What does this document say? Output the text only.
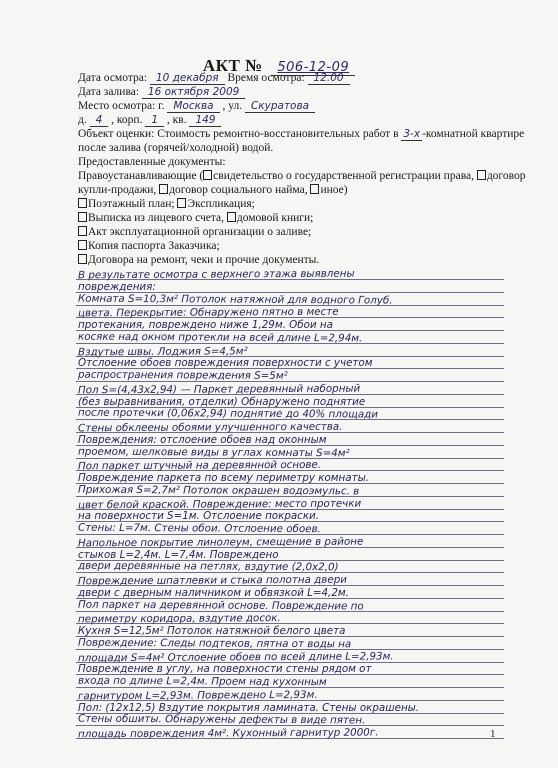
АКТ № 506-12-09
Дата осмотра: 10 декабря Время осмотра: 12.00
Дата залива: 16 октября 2009
Место осмотра: г. Москва , ул. Скуратова
д. 4 , корп. 1 , кв. 149
Объект оценки: Стоимость ремонтно-восстановительных работ в 3-х -комнатной квартире
после залива (горячей/холодной) водой.
Предоставленные документы:
Правоустанавливающие ( свидетельство о государственной регистрации права, договор
купли-продажи, договор социального найма, иное)
Поэтажный план; Экспликация;
Выписка из лицевого счета, домовой книги;
Акт эксплуатационной организации о заливе;
Копия паспорта Заказчика;
Договора на ремонт, чеки и прочие документы.
В результате осмотра с верхнего этажа выявлены
повреждения:
Комната S=10,3м² Потолок натяжной для водного Голуб.
цвета. Перекрытие: Обнаружено пятно в месте
протекания, повреждено ниже 1,29м. Обои на
косяке над окном протекли на всей длине L=2,94м.
Вздутые швы. Лоджия S=4,5м²
Отслоение обоев повреждения поверхности с учетом
распространения повреждения S=5м²
Пол S=(4,43x2,94) — Паркет деревянный наборный
(без выравнивания, отделки) Обнаружено поднятие
после протечки (0,06x2,94) поднятие до 40% площади
Стены обклеены обоями улучшенного качества.
Повреждения: отслоение обоев над оконным
проемом, шелковые виды в углах комнаты S=4м²
Пол паркет штучный на деревянной основе.
Повреждение паркета по всему периметру комнаты.
Прихожая S=2,7м² Потолок окрашен водоэмульс. в
цвет белой краской. Повреждение: место протечки
на поверхности S=1м. Отслоение покраски.
Стены: L=7м. Стены обои. Отслоение обоев.
Напольное покрытие линолеум, смещение в районе
стыков L=2,4м. L=7,4м. Повреждено
двери деревянные на петлях, вздутие (2,0x2,0)
Повреждение шпатлевки и стыка полотна двери
двери с дверным наличником и обвязкой L=4,2м.
Пол паркет на деревянной основе. Повреждение по
периметру коридора, вздутие досок.
Кухня S=12,5м² Потолок натяжной белого цвета
Повреждение: Следы подтеков, пятна от воды на
площади S=4м² Отслоение обоев по всей длине L=2,93м.
Повреждение в углу, на поверхности стены рядом от
входа по длине L=2,4м. Проем над кухонным
гарнитуром L=2,93м. Повреждено L=2,93м.
Пол: (12x12,5) Вздутие покрытия ламината. Стены окрашены.
Стены обшиты. Обнаружены дефекты в виде пятен.
площадь повреждения 4м². Кухонный гарнитур 2000г.	1
